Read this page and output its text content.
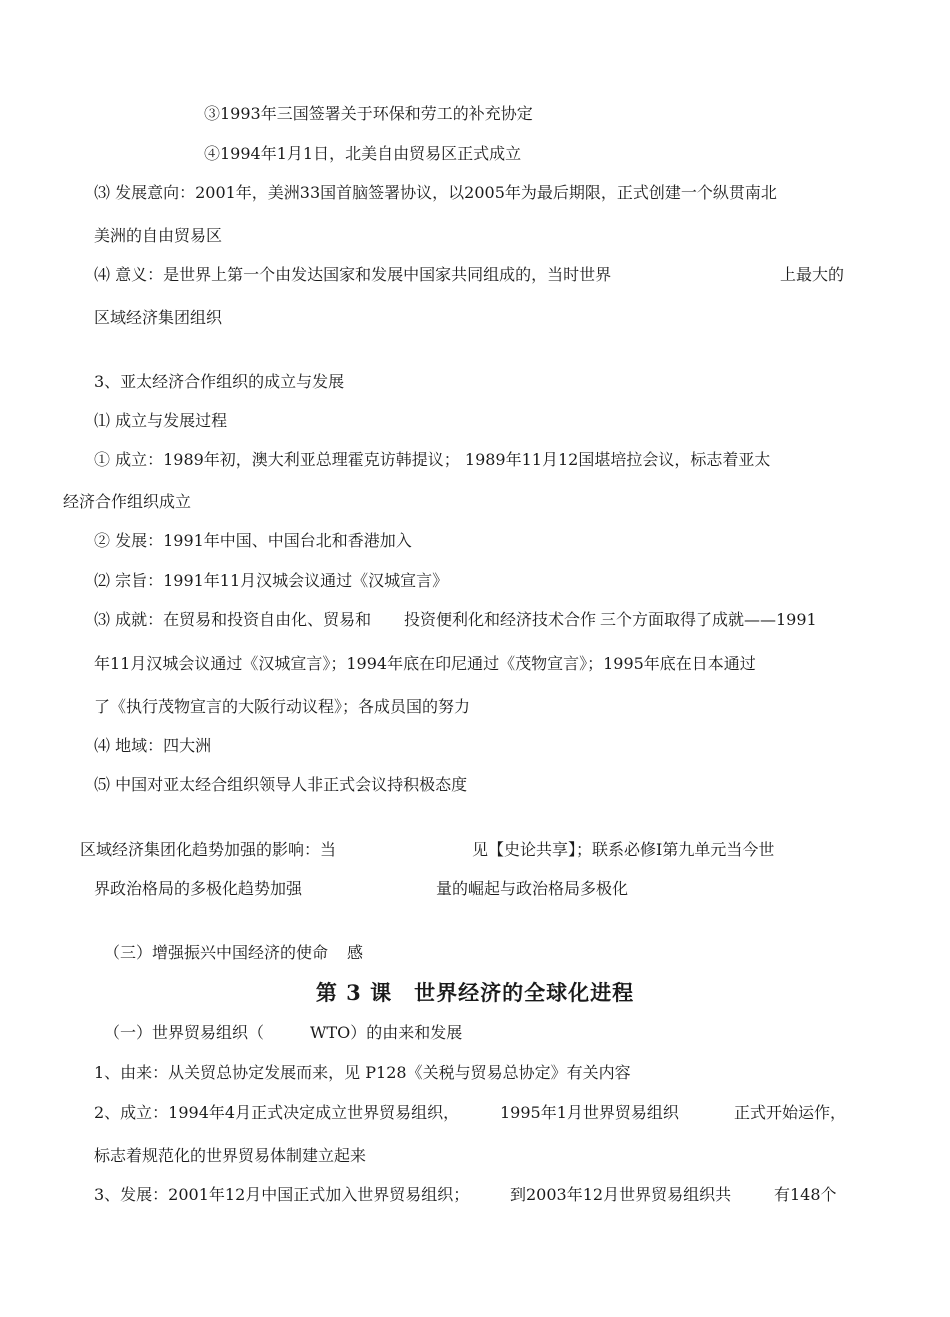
③1993年三国签署关于环保和劳工的补充协定
④1994年1月1日，北美自由贸易区正式成立
⑶ 发展意向：2001年，美洲33国首脑签署协议，以2005年为最后期限，正式创建一个纵贯南北
美洲的自由贸易区
⑷ 意义：是世界上第一个由发达国家和发展中国家共同组成的，当时世界	上最大的
区域经济集团组织
3、亚太经济合作组织的成立与发展
⑴ 成立与发展过程
① 成立：1989年初，澳大利亚总理霍克访韩提议； 1989年11月12国堪培拉会议，标志着亚太
经济合作组织成立
② 发展：1991年中国、中国台北和香港加入
⑵ 宗旨：1991年11月汉城会议通过《汉城宣言》
⑶ 成就：在贸易和投资自由化、贸易和 投资便利化和经济技术合作 三个方面取得了成就——1991
年11月汉城会议通过《汉城宣言》；1994年底在印尼通过《茂物宣言》；1995年底在日本通过
了《执行茂物宣言的大阪行动议程》；各成员国的努力
⑷ 地域：四大洲
⑸ 中国对亚太经合组织领导人非正式会议持积极态度
区域经济集团化趋势加强的影响：当	见【史论共享】；联系必修Ⅰ第九单元当今世
界政治格局的多极化趋势加强	量的崛起与政治格局多极化
（三）增强振兴中国经济的使命 感
第 3 课　世界经济的全球化进程
（一）世界贸易组织（	WTO）的由来和发展
1、由来：从关贸总协定发展而来，见 P128《关税与贸易总协定》有关内容
2、成立：1994年4月正式决定成立世界贸易组织，	1995年1月世界贸易组织	正式开始运作，
标志着规范化的世界贸易体制建立起来
3、发展：2001年12月中国正式加入世界贸易组织；	到2003年12月世界贸易组织共	有148个
